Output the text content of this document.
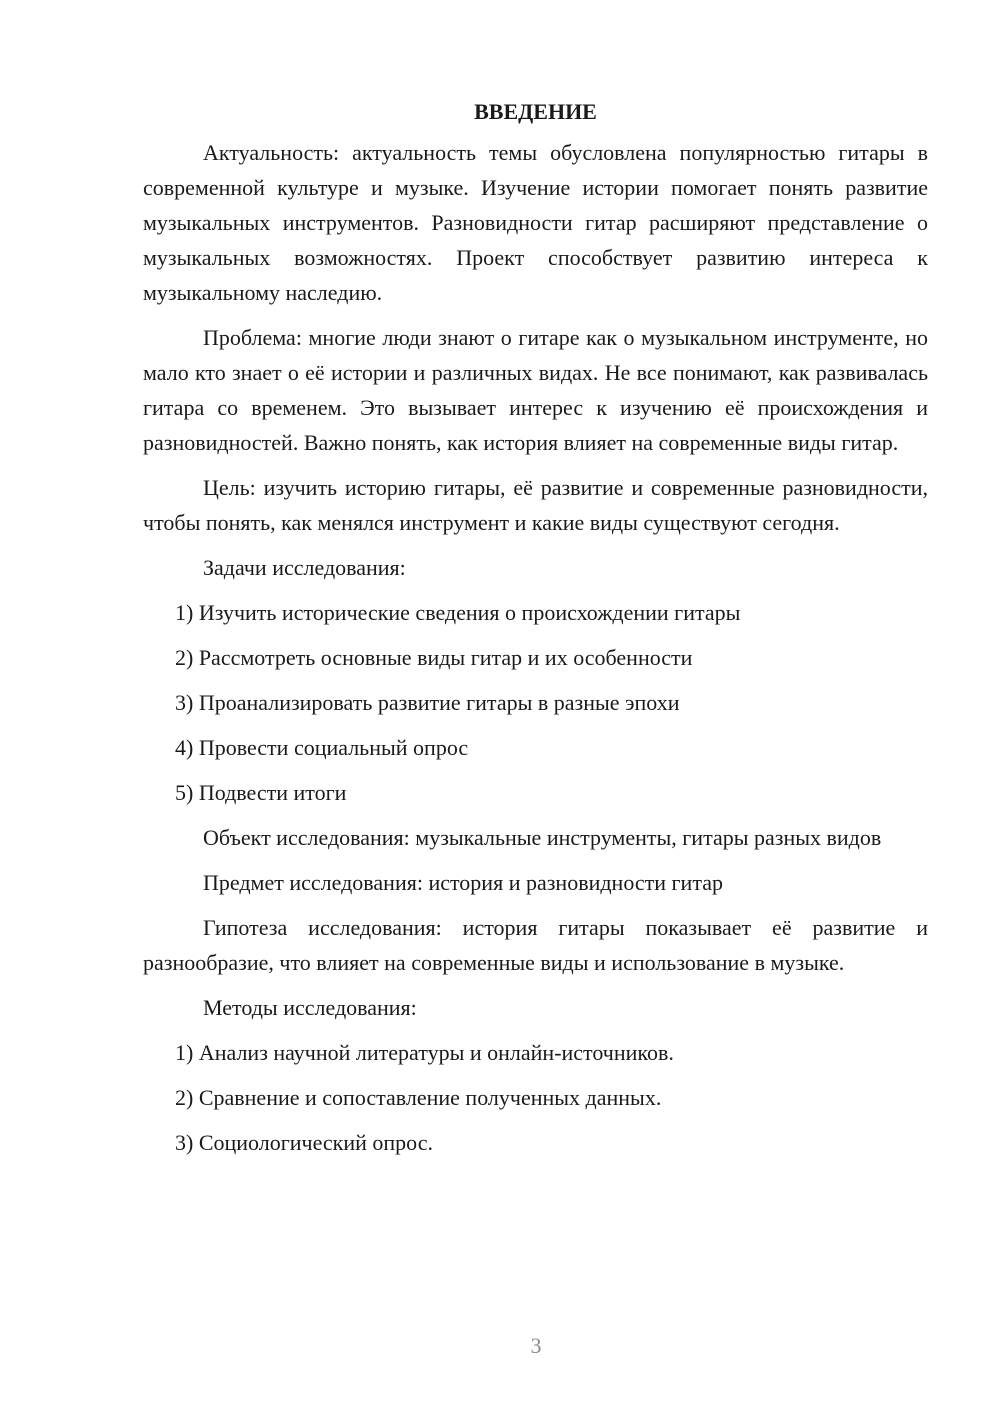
ВВЕДЕНИЕ

Актуальность: актуальность темы обусловлена популярностью гитары в современной культуре и музыке. Изучение истории помогает понять развитие музыкальных инструментов. Разновидности гитар расширяют представление о музыкальных возможностях. Проект способствует развитию интереса к музыкальному наследию.

Проблема: многие люди знают о гитаре как о музыкальном инструменте, но мало кто знает о её истории и различных видах. Не все понимают, как развивалась гитара со временем. Это вызывает интерес к изучению её происхождения и разновидностей. Важно понять, как история влияет на современные виды гитар.

Цель: изучить историю гитары, её развитие и современные разновидности, чтобы понять, как менялся инструмент и какие виды существуют сегодня.

Задачи исследования:

1) Изучить исторические сведения о происхождении гитары
2) Рассмотреть основные виды гитар и их особенности
3) Проанализировать развитие гитары в разные эпохи
4) Провести социальный опрос
5) Подвести итоги

Объект исследования: музыкальные инструменты, гитары разных видов

Предмет исследования: история и разновидности гитар

Гипотеза исследования: история гитары показывает её развитие и разнообразие, что влияет на современные виды и использование в музыке.

Методы исследования:

1) Анализ научной литературы и онлайн-источников.
2) Сравнение и сопоставление полученных данных.
3) Социологический опрос.
3
